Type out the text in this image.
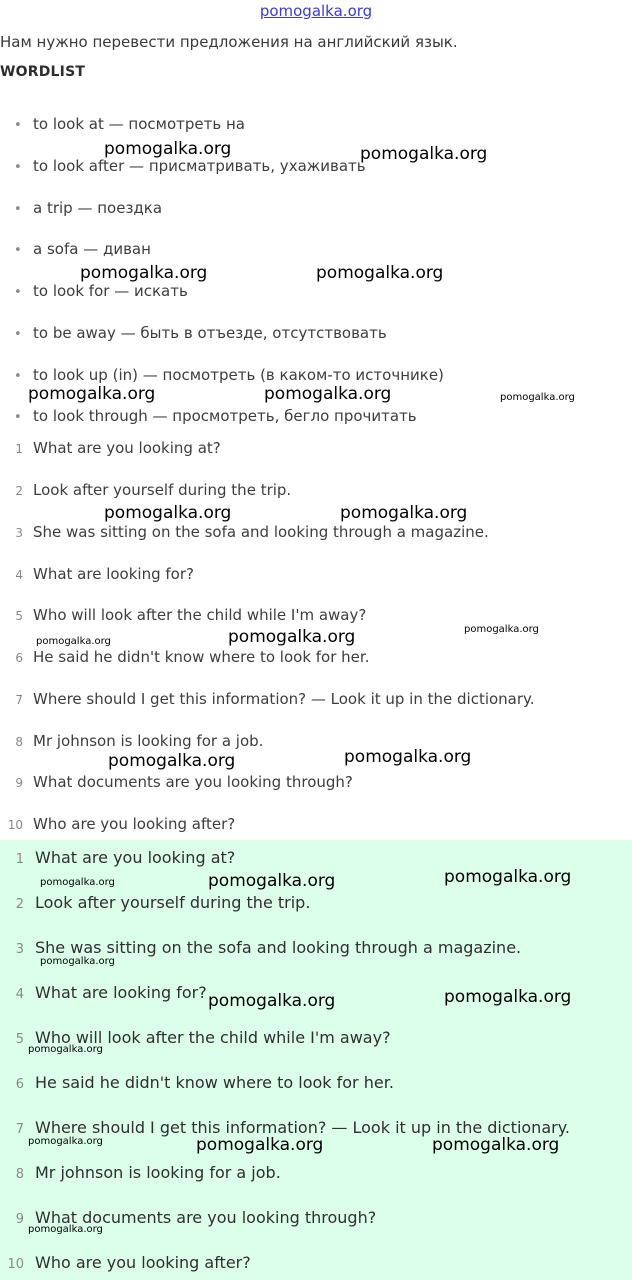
pomogalka.org
Нам нужно перевести предложения на английский язык.
WORDLIST
• to look at — посмотреть на
• to look after — присматривать, ухаживать
• a trip — поездка
• a sofa — диван
• to look for — искать
• to be away — быть в отъезде, отсутствовать
• to look up (in) — посмотреть (в каком-то источнике)
• to look through — просмотреть, бегло прочитать
1 What are you looking at?
2 Look after yourself during the trip.
3 She was sitting on the sofa and looking through a magazine.
4 What are looking for?
5 Who will look after the child while I'm away?
6 He said he didn't know where to look for her.
7 Where should I get this information? — Look it up in the dictionary.
8 Mr johnson is looking for a job.
9 What documents are you looking through?
10 Who are you looking after?
1 What are you looking at?
2 Look after yourself during the trip.
3 She was sitting on the sofa and looking through a magazine.
4 What are looking for?
5 Who will look after the child while I'm away?
6 He said he didn't know where to look for her.
7 Where should I get this information? — Look it up in the dictionary.
8 Mr johnson is looking for a job.
9 What documents are you looking through?
10 Who are you looking after?
pomogalka.org	pomogalka.org
pomogalka.org	pomogalka.org
pomogalka.org	pomogalka.org	pomogalka.org
pomogalka.org	pomogalka.org
pomogalka.org
pomogalka.org
pomogalka.org
pomogalka.org	pomogalka.org
pomogalka.org	pomogalka.org	pomogalka.org
pomogalka.org
pomogalka.org	pomogalka.org
pomogalka.org
pomogalka.org	pomogalka.org	pomogalka.org
pomogalka.org
